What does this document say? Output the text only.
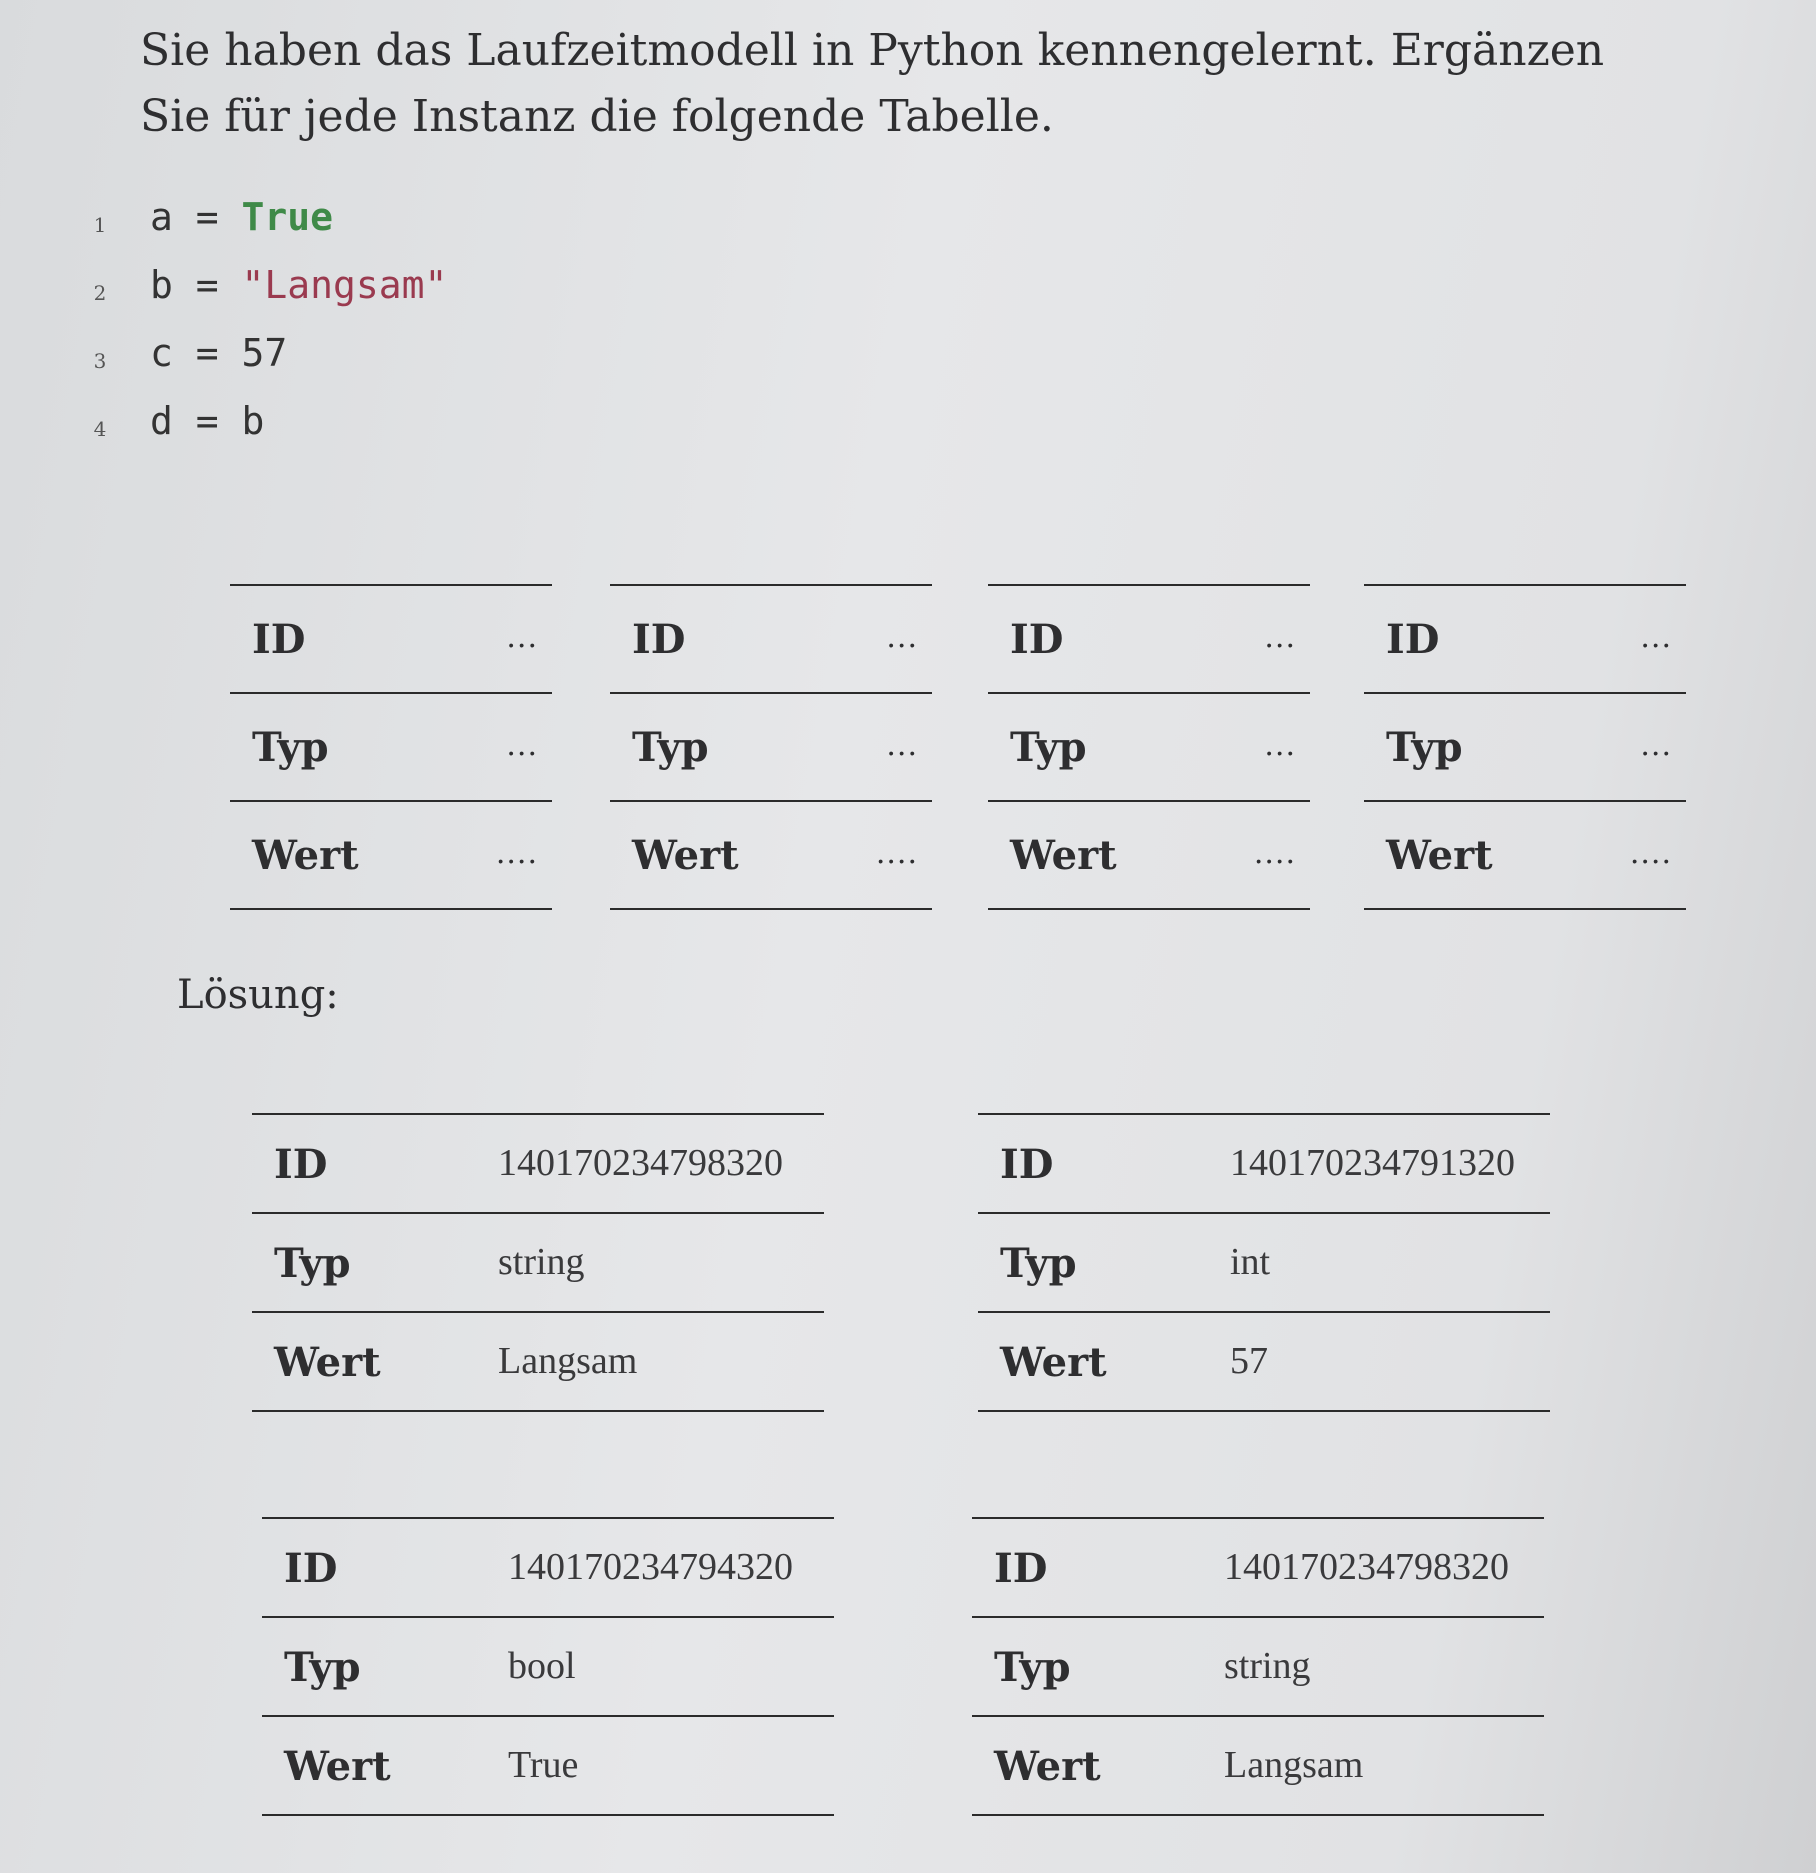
Sie haben das Laufzeitmodell in Python kennengelernt. Ergänzen Sie für jede Instanz die folgende Tabelle.

1	a = True
2	b = "Langsam"
3	c = 57
4	d = b
ID	...
Typ	...
Wert	....
ID	...
Typ	...
Wert	....
ID	...
Typ	...
Wert	....
ID	...
Typ	...
Wert	....
Lösung:
ID	140170234798320
Typ	string
Wert	Langsam
ID	140170234791320
Typ	int
Wert	57
ID	140170234794320
Typ	bool
Wert	True
ID	140170234798320
Typ	string
Wert	Langsam
